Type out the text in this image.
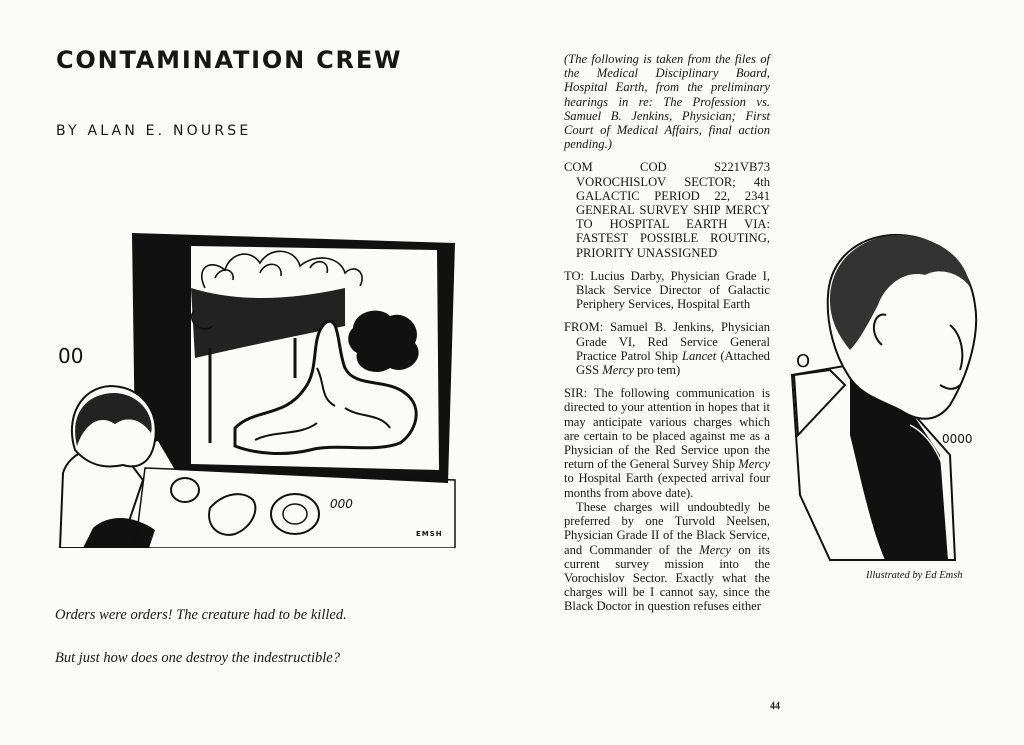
CONTAMINATION CREW
BY ALAN E. NOURSE
00
000
EMSH
Orders were orders! The creature had to be killed.
But just how does one destroy the indestructible?

(The following is taken from the files of the Medical Disciplinary Board, Hospital Earth, from the preliminary hearings in re: The Profession vs. Samuel B. Jenkins, Physician; First Court of Medical Affairs, final action pending.)

COM COD S221VB73 VOROCHISLOV SECTOR; 4th GALACTIC PERIOD 22, 2341 GENERAL SURVEY SHIP MERCY TO HOSPITAL EARTH VIA: FASTEST POSSIBLE ROUTING, PRIORITY UNASSIGNED

TO: Lucius Darby, Physician Grade I, Black Service Director of Galactic Periphery Services, Hospital Earth

FROM: Samuel B. Jenkins, Physician Grade VI, Red Service General Practice Patrol Ship Lancet (Attached GSS Mercy pro tem)

SIR: The following communication is directed to your attention in hopes that it may anticipate various charges which are certain to be placed against me as a Physician of the Red Service upon the return of the General Survey Ship Mercy to Hospital Earth (expected arrival four months from above date).

These charges will undoubtedly be preferred by one Turvold Neelsen, Physician Grade II of the Black Service, and Commander of the Mercy on its current survey mission into the Vorochislov Sector. Exactly what the charges will be I cannot say, since the Black Doctor in question refuses either

44
O
0000
Illustrated by Ed Emsh
